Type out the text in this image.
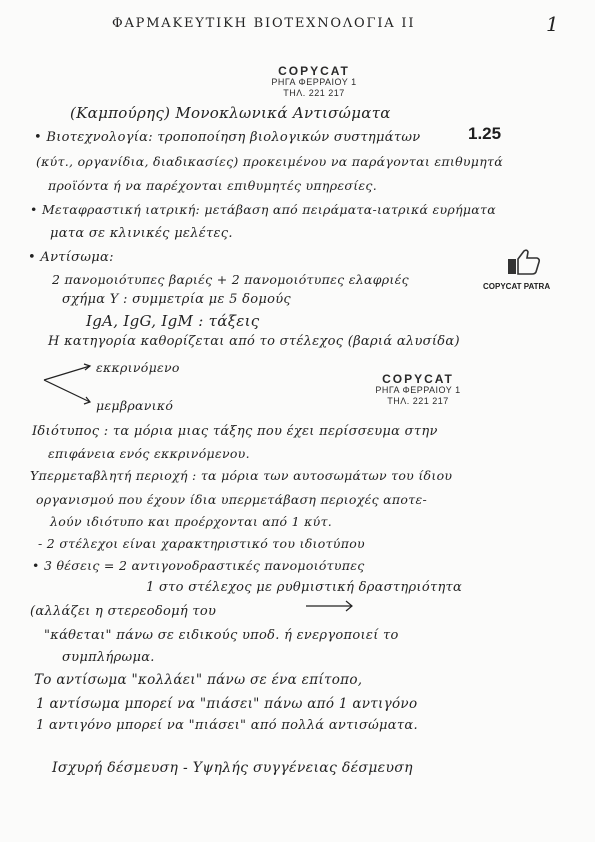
ΦΑΡΜΑΚΕΥΤΙΚΗ ΒΙΟΤΕΧΝΟΛΟΓΙΑ ΙΙ	1
COPYCAT
ΡΗΓΑ ΦΕΡΡΑΙΟΥ 1
ΤΗΛ. 221 217
1.25
(Καμπούρης) Μονοκλωνικά Αντισώματα
• Βιοτεχνολογία: τροποποίηση βιολογικών συστημάτων
(κύτ., οργανίδια, διαδικασίες) προκειμένου να παράγονται επιθυμητά
προϊόντα ή να παρέχονται επιθυμητές υπηρεσίες.
• Μεταφραστική ιατρική: μετάβαση από πειράματα-ιατρικά ευρήματα
ματα σε κλινικές μελέτες.
• Αντίσωμα:
2 πανομοιότυπες βαριές + 2 πανομοιότυπες ελαφριές	COPYCAT PATRA
σχήμα Y : συμμετρία με 5 δομούς
IgA, IgG, IgM : τάξεις
Η κατηγορία καθορίζεται από το στέλεχος (βαριά αλυσίδα)
εκκρινόμενο
μεμβρανικό
COPYCAT
ΡΗΓΑ ΦΕΡΡΑΙΟΥ 1
ΤΗΛ. 221 217
Ιδιότυπος : τα μόρια μιας τάξης που έχει περίσσευμα στην
επιφάνεια ενός εκκρινόμενου.
Υπερμεταβλητή περιοχή : τα μόρια των αυτοσωμάτων του ίδιου
οργανισμού που έχουν ίδια υπερμετάβαση περιοχές αποτε-
λούν ιδιότυπο και προέρχονται από 1 κύτ.
- 2 στέλεχοι είναι χαρακτηριστικό του ιδιοτύπου
• 3 θέσεις = 2 αντιγονοδραστικές πανομοιότυπες
1 στο στέλεχος με ρυθμιστική δραστηριότητα
(αλλάζει η στερεοδομή του
"κάθεται" πάνω σε ειδικούς υποδ. ή ενεργοποιεί το
συμπλήρωμα.
Το αντίσωμα "κολλάει" πάνω σε ένα επίτοπο,
1 αντίσωμα μπορεί να "πιάσει" πάνω από 1 αντιγόνο
1 αντιγόνο μπορεί να "πιάσει" από πολλά αντισώματα.
Ισχυρή δέσμευση - Υψηλής συγγένειας δέσμευση
